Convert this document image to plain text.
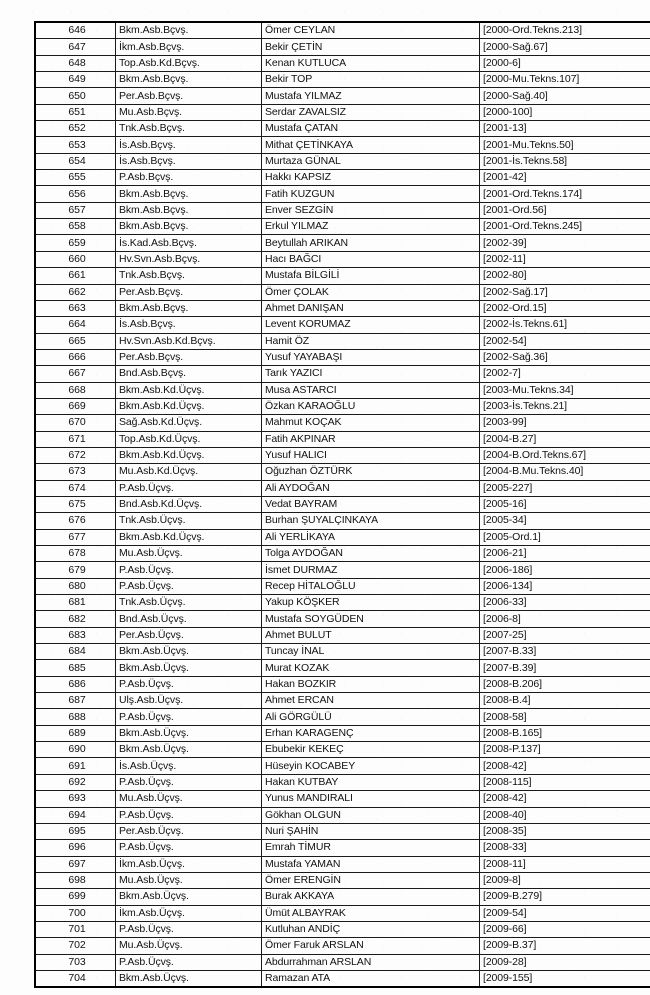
646	Bkm.Asb.Bçvş.	Ömer CEYLAN	[2000-Ord.Tekns.213]
647	İkm.Asb.Bçvş.	Bekir ÇETİN	[2000-Sağ.67]
648	Top.Asb.Kd.Bçvş.	Kenan KUTLUCA	[2000-6]
649	Bkm.Asb.Bçvş.	Bekir TOP	[2000-Mu.Tekns.107]
650	Per.Asb.Bçvş.	Mustafa YILMAZ	[2000-Sağ.40]
651	Mu.Asb.Bçvş.	Serdar ZAVALSIZ	[2000-100]
652	Tnk.Asb.Bçvş.	Mustafa ÇATAN	[2001-13]
653	İs.Asb.Bçvş.	Mithat ÇETİNKAYA	[2001-Mu.Tekns.50]
654	İs.Asb.Bçvş.	Murtaza GÜNAL	[2001-İs.Tekns.58]
655	P.Asb.Bçvş.	Hakkı KAPSIZ	[2001-42]
656	Bkm.Asb.Bçvş.	Fatih KUZGUN	[2001-Ord.Tekns.174]
657	Bkm.Asb.Bçvş.	Enver SEZGİN	[2001-Ord.56]
658	Bkm.Asb.Bçvş.	Erkul YILMAZ	[2001-Ord.Tekns.245]
659	İs.Kad.Asb.Bçvş.	Beytullah ARIKAN	[2002-39]
660	Hv.Svn.Asb.Bçvş.	Hacı BAĞCI	[2002-11]
661	Tnk.Asb.Bçvş.	Mustafa BİLGİLİ	[2002-80]
662	Per.Asb.Bçvş.	Ömer ÇOLAK	[2002-Sağ.17]
663	Bkm.Asb.Bçvş.	Ahmet DANIŞAN	[2002-Ord.15]
664	İs.Asb.Bçvş.	Levent KORUMAZ	[2002-İs.Tekns.61]
665	Hv.Svn.Asb.Kd.Bçvş.	Hamit ÖZ	[2002-54]
666	Per.Asb.Bçvş.	Yusuf YAYABAŞI	[2002-Sağ.36]
667	Bnd.Asb.Bçvş.	Tarık YAZICI	[2002-7]
668	Bkm.Asb.Kd.Üçvş.	Musa ASTARCI	[2003-Mu.Tekns.34]
669	Bkm.Asb.Kd.Üçvş.	Özkan KARAOĞLU	[2003-İs.Tekns.21]
670	Sağ.Asb.Kd.Üçvş.	Mahmut KOÇAK	[2003-99]
671	Top.Asb.Kd.Üçvş.	Fatih AKPINAR	[2004-B.27]
672	Bkm.Asb.Kd.Üçvş.	Yusuf HALICI	[2004-B.Ord.Tekns.67]
673	Mu.Asb.Kd.Üçvş.	Oğuzhan ÖZTÜRK	[2004-B.Mu.Tekns.40]
674	P.Asb.Üçvş.	Ali AYDOĞAN	[2005-227]
675	Bnd.Asb.Kd.Üçvş.	Vedat BAYRAM	[2005-16]
676	Tnk.Asb.Üçvş.	Burhan ŞUYALÇINKAYA	[2005-34]
677	Bkm.Asb.Kd.Üçvş.	Ali YERLİKAYA	[2005-Ord.1]
678	Mu.Asb.Üçvş.	Tolga AYDOĞAN	[2006-21]
679	P.Asb.Üçvş.	İsmet DURMAZ	[2006-186]
680	P.Asb.Üçvş.	Recep HİTALOĞLU	[2006-134]
681	Tnk.Asb.Üçvş.	Yakup KÖŞKER	[2006-33]
682	Bnd.Asb.Üçvş.	Mustafa SOYGÜDEN	[2006-8]
683	Per.Asb.Üçvş.	Ahmet BULUT	[2007-25]
684	Bkm.Asb.Üçvş.	Tuncay İNAL	[2007-B.33]
685	Bkm.Asb.Üçvş.	Murat KOZAK	[2007-B.39]
686	P.Asb.Üçvş.	Hakan BOZKIR	[2008-B.206]
687	Ulş.Asb.Üçvş.	Ahmet ERCAN	[2008-B.4]
688	P.Asb.Üçvş.	Ali GÖRGÜLÜ	[2008-58]
689	Bkm.Asb.Üçvş.	Erhan KARAGENÇ	[2008-B.165]
690	Bkm.Asb.Üçvş.	Ebubekir KEKEÇ	[2008-P.137]
691	İs.Asb.Üçvş.	Hüseyin KOCABEY	[2008-42]
692	P.Asb.Üçvş.	Hakan KUTBAY	[2008-115]
693	Mu.Asb.Üçvş.	Yunus MANDIRALI	[2008-42]
694	P.Asb.Üçvş.	Gökhan OLGUN	[2008-40]
695	Per.Asb.Üçvş.	Nuri ŞAHİN	[2008-35]
696	P.Asb.Üçvş.	Emrah TİMUR	[2008-33]
697	İkm.Asb.Üçvş.	Mustafa YAMAN	[2008-11]
698	Mu.Asb.Üçvş.	Ömer ERENGİN	[2009-8]
699	Bkm.Asb.Üçvş.	Burak AKKAYA	[2009-B.279]
700	İkm.Asb.Üçvş.	Ümüt ALBAYRAK	[2009-54]
701	P.Asb.Üçvş.	Kutluhan ANDİÇ	[2009-66]
702	Mu.Asb.Üçvş.	Ömer Faruk ARSLAN	[2009-B.37]
703	P.Asb.Üçvş.	Abdurrahman ARSLAN	[2009-28]
704	Bkm.Asb.Üçvş.	Ramazan ATA	[2009-155]
